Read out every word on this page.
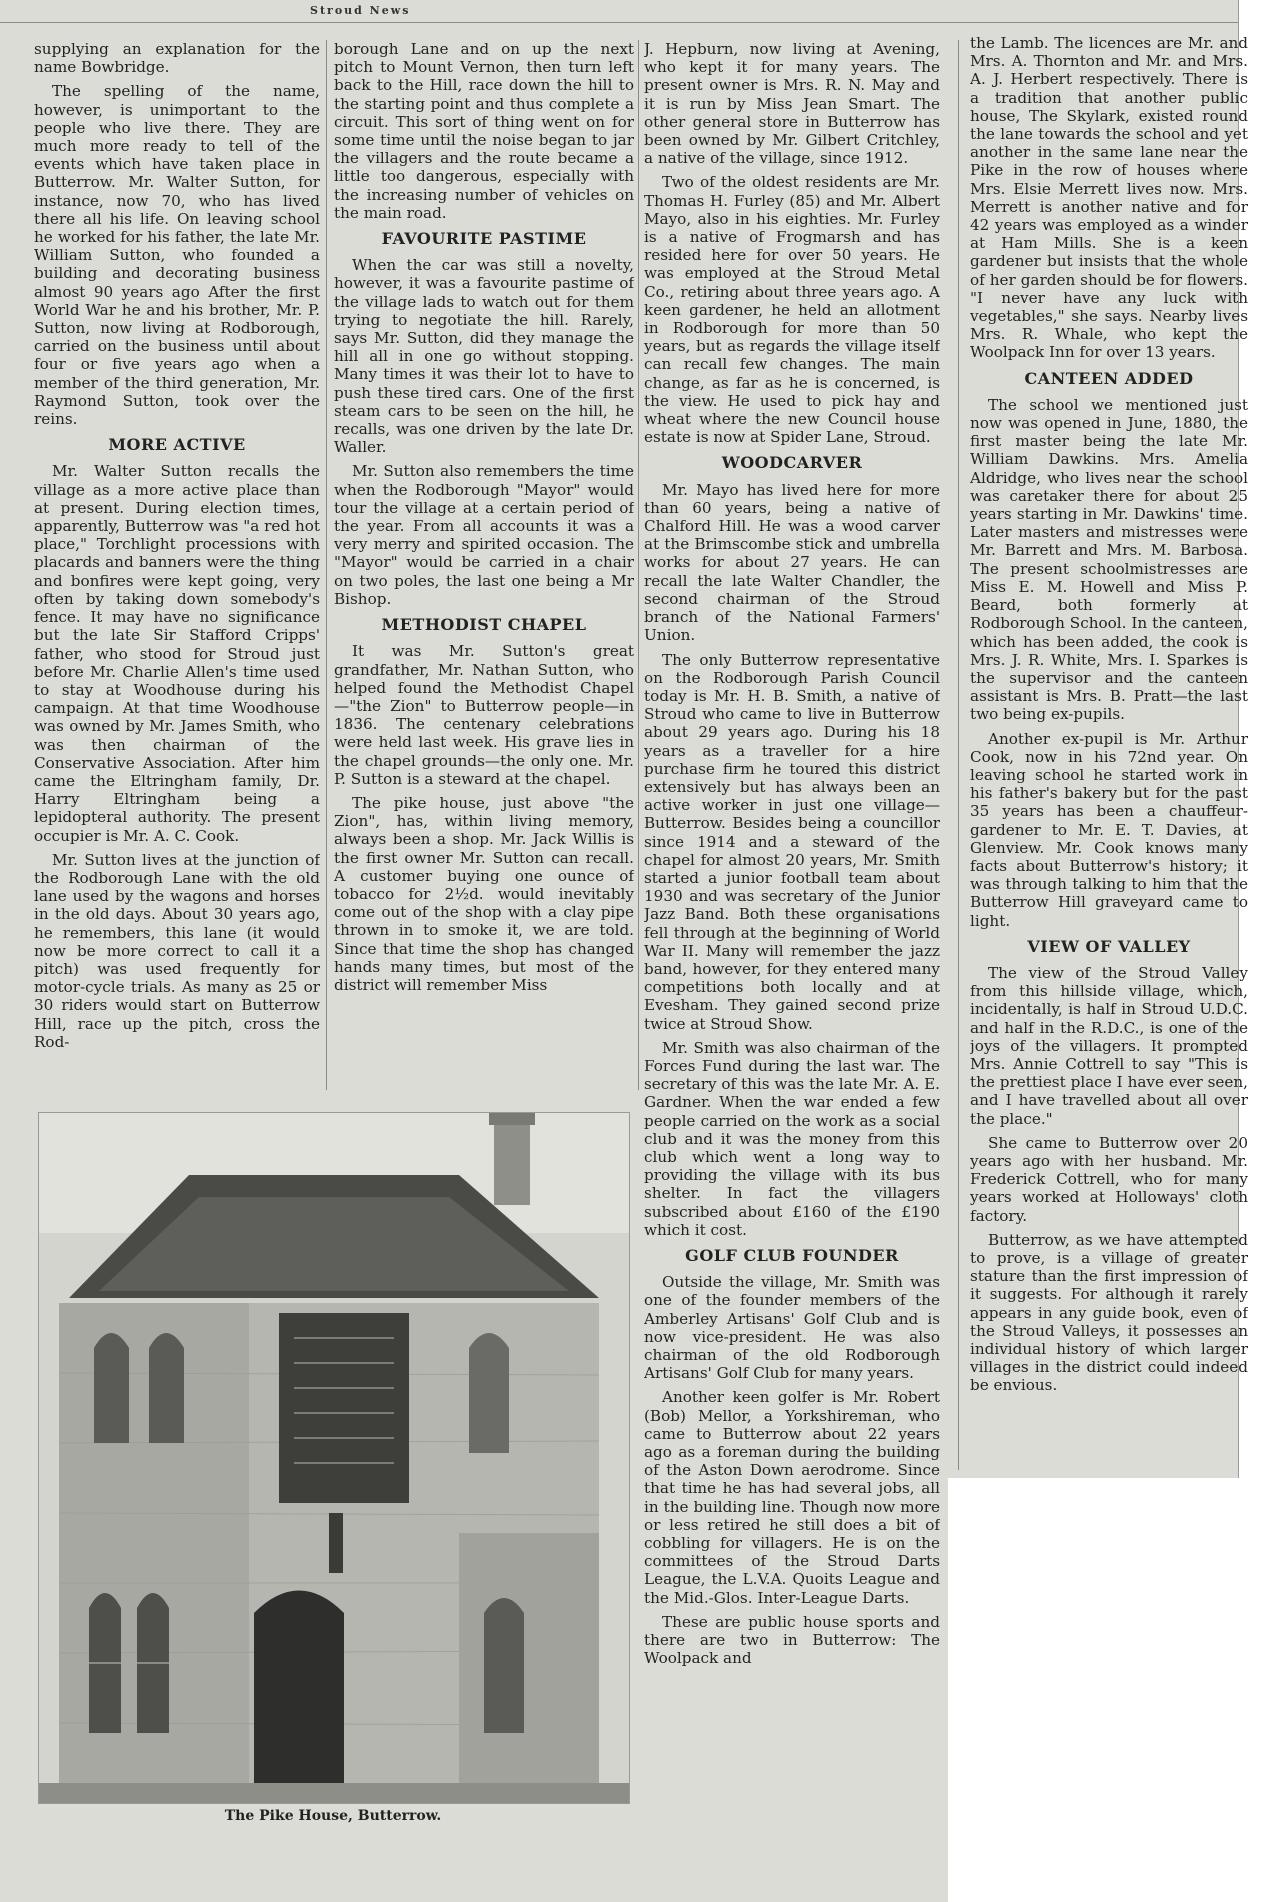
Stroud News

supplying an explanation for the name Bowbridge.

The spelling of the name, however, is unimportant to the people who live there. They are much more ready to tell of the events which have taken place in Butterrow. Mr. Walter Sutton, for instance, now 70, who has lived there all his life. On leaving school he worked for his father, the late Mr. William Sutton, who founded a building and decorating business almost 90 years ago After the first World War he and his brother, Mr. P. Sutton, now living at Rodborough, carried on the business until about four or five years ago when a member of the third generation, Mr. Raymond Sutton, took over the reins.

MORE ACTIVE

Mr. Walter Sutton recalls the village as a more active place than at present. During election times, apparently, Butterrow was "a red hot place," Torchlight processions with placards and banners were the thing and bonfires were kept going, very often by taking down somebody's fence. It may have no significance but the late Sir Stafford Cripps' father, who stood for Stroud just before Mr. Charlie Allen's time used to stay at Woodhouse during his campaign. At that time Woodhouse was owned by Mr. James Smith, who was then chairman of the Conservative Association. After him came the Eltringham family, Dr. Harry Eltringham being a lepidopteral authority. The present occupier is Mr. A. C. Cook.

Mr. Sutton lives at the junction of the Rodborough Lane with the old lane used by the wagons and horses in the old days. About 30 years ago, he remembers, this lane (it would now be more correct to call it a pitch) was used frequently for motor-cycle trials. As many as 25 or 30 riders would start on Butterrow Hill, race up the pitch, cross the Rod-

borough Lane and on up the next pitch to Mount Vernon, then turn left back to the Hill, race down the hill to the starting point and thus complete a circuit. This sort of thing went on for some time until the noise began to jar the villagers and the route became a little too dangerous, especially with the increasing number of vehicles on the main road.

FAVOURITE PASTIME

When the car was still a novelty, however, it was a favourite pastime of the village lads to watch out for them trying to negotiate the hill. Rarely, says Mr. Sutton, did they manage the hill all in one go without stopping. Many times it was their lot to have to push these tired cars. One of the first steam cars to be seen on the hill, he recalls, was one driven by the late Dr. Waller.

Mr. Sutton also remembers the time when the Rodborough "Mayor" would tour the village at a certain period of the year. From all accounts it was a very merry and spirited occasion. The "Mayor" would be carried in a chair on two poles, the last one being a Mr Bishop.

METHODIST CHAPEL

It was Mr. Sutton's great grandfather, Mr. Nathan Sutton, who helped found the Methodist Chapel—"the Zion" to Butterrow people—in 1836. The centenary celebrations were held last week. His grave lies in the chapel grounds—the only one. Mr. P. Sutton is a steward at the chapel.

The pike house, just above "the Zion", has, within living memory, always been a shop. Mr. Jack Willis is the first owner Mr. Sutton can recall. A customer buying one ounce of tobacco for 2½d. would inevitably come out of the shop with a clay pipe thrown in to smoke it, we are told. Since that time the shop has changed hands many times, but most of the district will remember Miss

J. Hepburn, now living at Avening, who kept it for many years. The present owner is Mrs. R. N. May and it is run by Miss Jean Smart. The other general store in Butterrow has been owned by Mr. Gilbert Critchley, a native of the village, since 1912.

Two of the oldest residents are Mr. Thomas H. Furley (85) and Mr. Albert Mayo, also in his eighties. Mr. Furley is a native of Frogmarsh and has resided here for over 50 years. He was employed at the Stroud Metal Co., retiring about three years ago. A keen gardener, he held an allotment in Rodborough for more than 50 years, but as regards the village itself can recall few changes. The main change, as far as he is concerned, is the view. He used to pick hay and wheat where the new Council house estate is now at Spider Lane, Stroud.

WOODCARVER

Mr. Mayo has lived here for more than 60 years, being a native of Chalford Hill. He was a wood carver at the Brimscombe stick and umbrella works for about 27 years. He can recall the late Walter Chandler, the second chairman of the Stroud branch of the National Farmers' Union.

The only Butterrow representative on the Rodborough Parish Council today is Mr. H. B. Smith, a native of Stroud who came to live in Butterrow about 29 years ago. During his 18 years as a traveller for a hire purchase firm he toured this district extensively but has always been an active worker in just one village—Butterrow. Besides being a councillor since 1914 and a steward of the chapel for almost 20 years, Mr. Smith started a junior football team about 1930 and was secretary of the Junior Jazz Band. Both these organisations fell through at the beginning of World War II. Many will remember the jazz band, however, for they entered many competitions both locally and at Evesham. They gained second prize twice at Stroud Show.

Mr. Smith was also chairman of the Forces Fund during the last war. The secretary of this was the late Mr. A. E. Gardner. When the war ended a few people carried on the work as a social club and it was the money from this club which went a long way to providing the village with its bus shelter. In fact the villagers subscribed about £160 of the £190 which it cost.

GOLF CLUB FOUNDER

Outside the village, Mr. Smith was one of the founder members of the Amberley Artisans' Golf Club and is now vice-president. He was also chairman of the old Rodborough Artisans' Golf Club for many years.

Another keen golfer is Mr. Robert (Bob) Mellor, a Yorkshireman, who came to Butterrow about 22 years ago as a foreman during the building of the Aston Down aerodrome. Since that time he has had several jobs, all in the building line. Though now more or less retired he still does a bit of cobbling for villagers. He is on the committees of the Stroud Darts League, the L.V.A. Quoits League and the Mid.-Glos. Inter-League Darts.

These are public house sports and there are two in Butterrow: The Woolpack and

the Lamb. The licences are Mr. and Mrs. A. Thornton and Mr. and Mrs. A. J. Herbert respectively. There is a tradition that another public house, The Skylark, existed round the lane towards the school and yet another in the same lane near the Pike in the row of houses where Mrs. Elsie Merrett lives now. Mrs. Merrett is another native and for 42 years was employed as a winder at Ham Mills. She is a keen gardener but insists that the whole of her garden should be for flowers. "I never have any luck with vegetables," she says. Nearby lives Mrs. R. Whale, who kept the Woolpack Inn for over 13 years.

CANTEEN ADDED

The school we mentioned just now was opened in June, 1880, the first master being the late Mr. William Dawkins. Mrs. Amelia Aldridge, who lives near the school was caretaker there for about 25 years starting in Mr. Dawkins' time. Later masters and mistresses were Mr. Barrett and Mrs. M. Barbosa. The present schoolmistresses are Miss E. M. Howell and Miss P. Beard, both formerly at Rodborough School. In the canteen, which has been added, the cook is Mrs. J. R. White, Mrs. I. Sparkes is the supervisor and the canteen assistant is Mrs. B. Pratt—the last two being ex-pupils.

Another ex-pupil is Mr. Arthur Cook, now in his 72nd year. On leaving school he started work in his father's bakery but for the past 35 years has been a chauffeur-gardener to Mr. E. T. Davies, at Glenview. Mr. Cook knows many facts about Butterrow's history; it was through talking to him that the Butterrow Hill graveyard came to light.

VIEW OF VALLEY

The view of the Stroud Valley from this hillside village, which, incidentally, is half in Stroud U.D.C. and half in the R.D.C., is one of the joys of the villagers. It prompted Mrs. Annie Cottrell to say "This is the prettiest place I have ever seen, and I have travelled about all over the place."

She came to Butterrow over 20 years ago with her husband. Mr. Frederick Cottrell, who for many years worked at Holloways' cloth factory.

Butterrow, as we have attempted to prove, is a village of greater stature than the first impression of it suggests. For although it rarely appears in any guide book, even of the Stroud Valleys, it possesses an individual history of which larger villages in the district could indeed be envious.

The Pike House, Butterrow.
